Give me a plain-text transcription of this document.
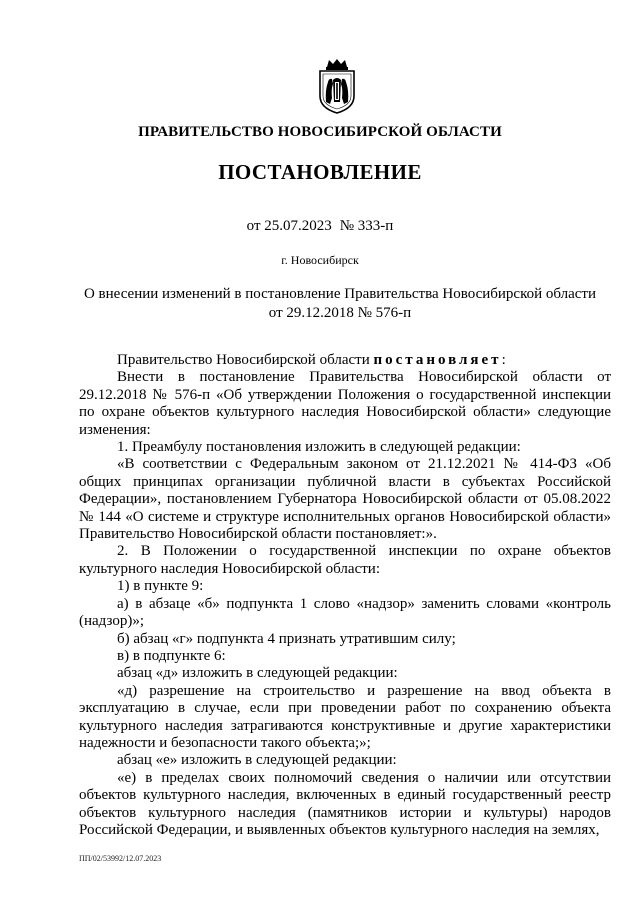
ПРАВИТЕЛЬСТВО НОВОСИБИРСКОЙ ОБЛАСТИ
ПОСТАНОВЛЕНИЕ
от 25.07.2023 № 333-п
г. Новосибирск
О внесении изменений в постановление Правительства Новосибирской области
от 29.12.2018 № 576-п

Правительство Новосибирской области постановляет:

Внести в постановление Правительства Новосибирской области от 29.12.2018 № 576-п «Об утверждении Положения о государственной инспекции по охране объектов культурного наследия Новосибирской области» следующие изменения:

1. Преамбулу постановления изложить в следующей редакции:

«В соответствии с Федеральным законом от 21.12.2021 № 414-ФЗ «Об общих принципах организации публичной власти в субъектах Российской Федерации», постановлением Губернатора Новосибирской области от 05.08.2022 № 144 «О системе и структуре исполнительных органов Новосибирской области» Правительство Новосибирской области постановляет:».

2. В Положении о государственной инспекции по охране объектов культурного наследия Новосибирской области:

1) в пункте 9:

а) в абзаце «б» подпункта 1 слово «надзор» заменить словами «контроль (надзор)»;

б) абзац «г» подпункта 4 признать утратившим силу;

в) в подпункте 6:

абзац «д» изложить в следующей редакции:

«д) разрешение на строительство и разрешение на ввод объекта в эксплуатацию в случае, если при проведении работ по сохранению объекта культурного наследия затрагиваются конструктивные и другие характеристики надежности и безопасности такого объекта;»;

абзац «е» изложить в следующей редакции:

«е) в пределах своих полномочий сведения о наличии или отсутствии объектов культурного наследия, включенных в единый государственный реестр объектов культурного наследия (памятников истории и культуры) народов Российской Федерации, и выявленных объектов культурного наследия на землях,

ПП/02/53992/12.07.2023
